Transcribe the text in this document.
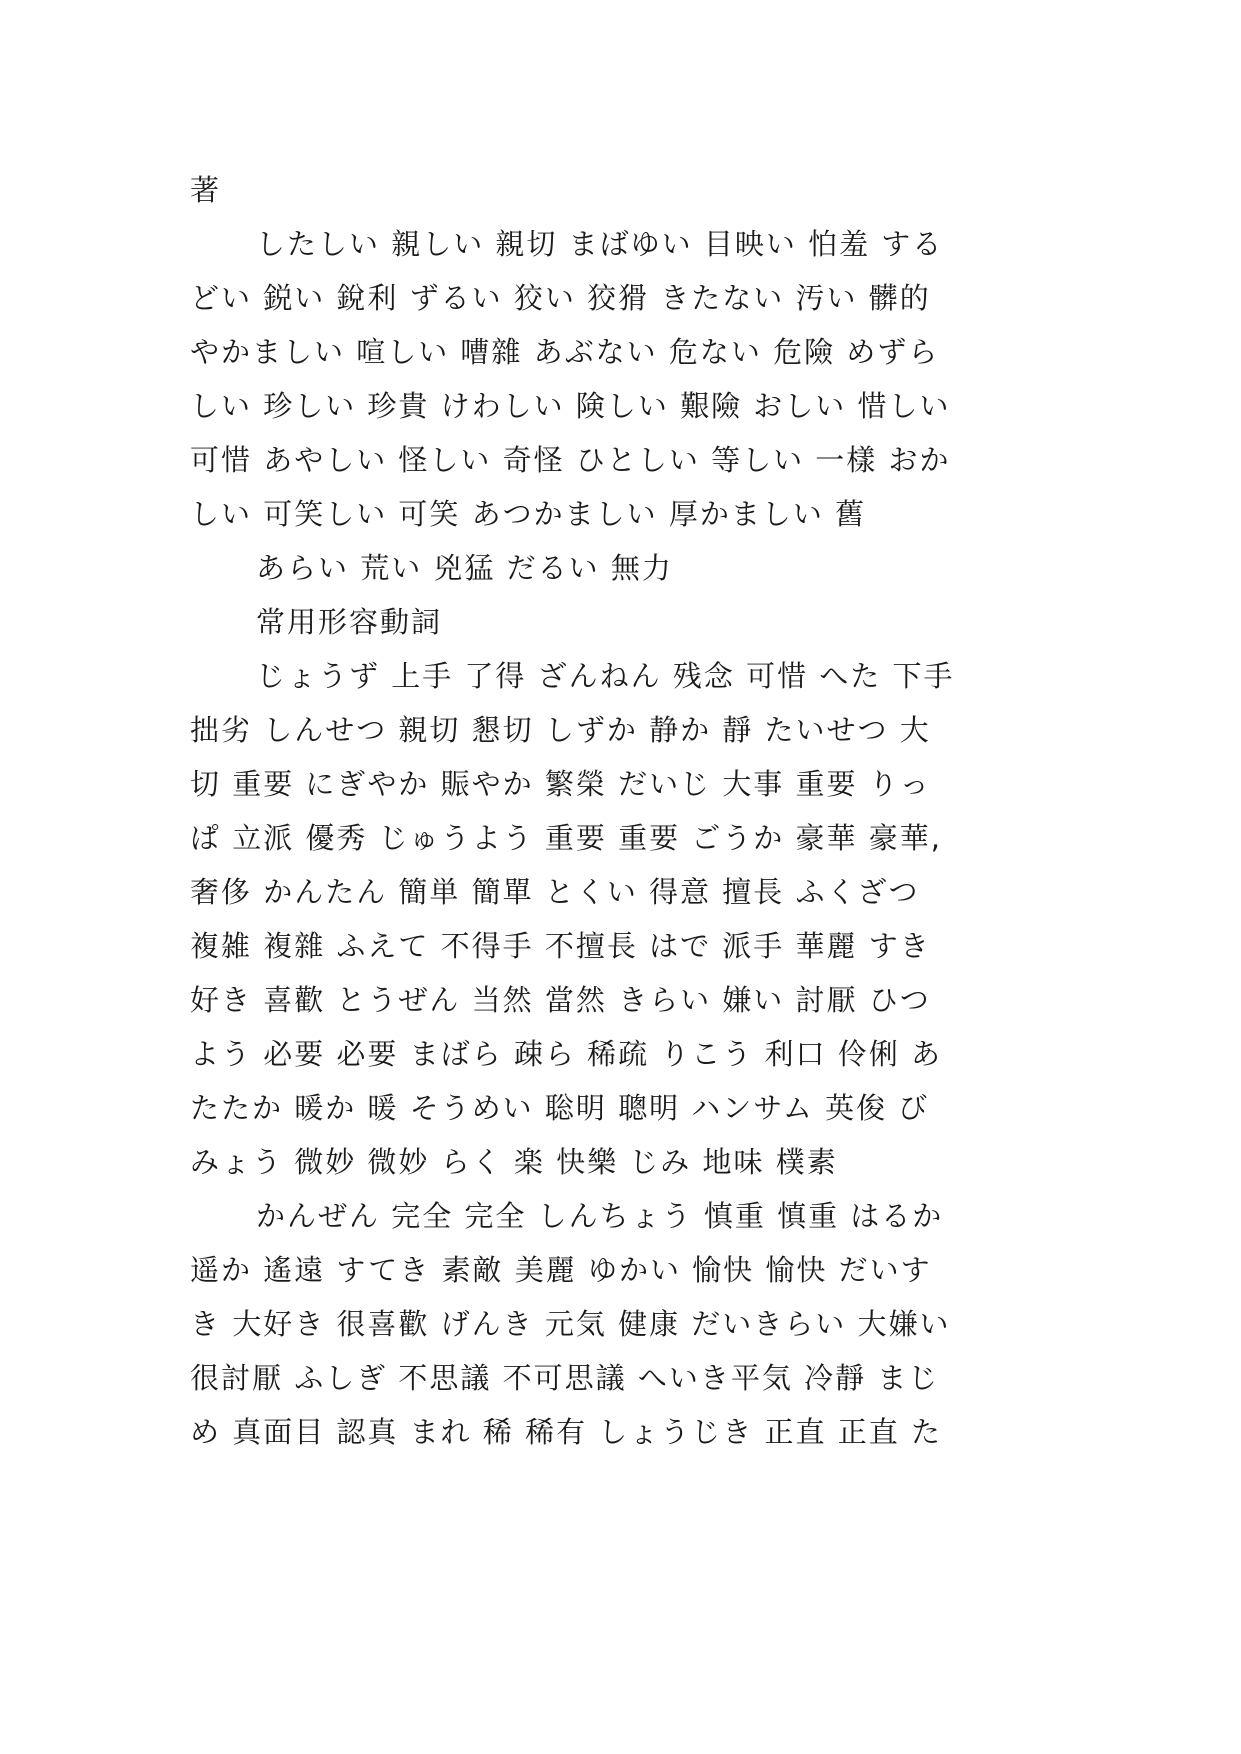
著
したしい 親しい 親切 まばゆい 目映い 怕羞 する
どい 鋭い 銳利 ずるい 狡い 狡猾 きたない 汚い 髒的
やかましい 喧しい 嘈雜 あぶない 危ない 危險 めずら
しい 珍しい 珍貴 けわしい 険しい 艱險 おしい 惜しい
可惜 あやしい 怪しい 奇怪 ひとしい 等しい 一樣 おか
しい 可笑しい 可笑 あつかましい 厚かましい 舊
あらい 荒い 兇猛 だるい 無力
常用形容動詞
じょうず 上手 了得 ざんねん 残念 可惜 へた 下手
拙劣 しんせつ 親切 懇切 しずか 静か 靜 たいせつ 大
切 重要 にぎやか 賑やか 繁榮 だいじ 大事 重要 りっ
ぱ 立派 優秀 じゅうよう 重要 重要 ごうか 豪華 豪華,
奢侈 かんたん 簡単 簡單 とくい 得意 擅長 ふくざつ
複雑 複雜 ふえて 不得手 不擅長 はで 派手 華麗 すき
好き 喜歡 とうぜん 当然 當然 きらい 嫌い 討厭 ひつ
よう 必要 必要 まばら 疎ら 稀疏 りこう 利口 伶俐 あ
たたか 暖か 暖 そうめい 聡明 聰明 ハンサム 英俊 び
みょう 微妙 微妙 らく 楽 快樂 じみ 地味 樸素
かんぜん 完全 完全 しんちょう 慎重 慎重 はるか
遥か 遙遠 すてき 素敵 美麗 ゆかい 愉快 愉快 だいす
き 大好き 很喜歡 げんき 元気 健康 だいきらい 大嫌い
很討厭 ふしぎ 不思議 不可思議 へいき平気 冷靜 まじ
め 真面目 認真 まれ 稀 稀有 しょうじき 正直 正直 た
